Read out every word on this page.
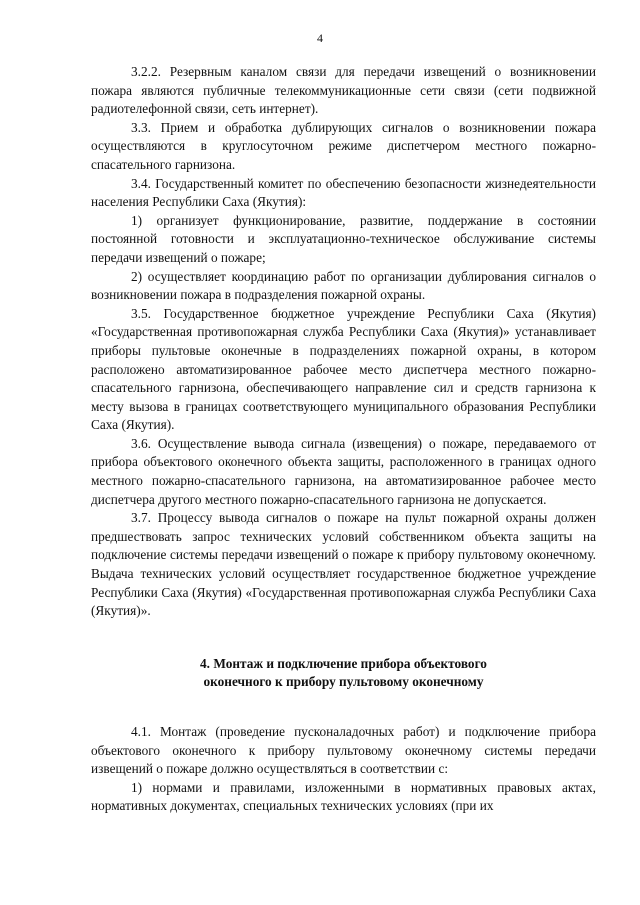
4

3.2.2. Резервным каналом связи для передачи извещений о возникновении пожара являются публичные телекоммуникационные сети связи (сети подвижной радиотелефонной связи, сеть интернет).

3.3. Прием и обработка дублирующих сигналов о возникновении пожара осуществляются в круглосуточном режиме диспетчером местного пожарно-спасательного гарнизона.

3.4. Государственный комитет по обеспечению безопасности жизнедеятельности населения Республики Саха (Якутия):

1) организует функционирование, развитие, поддержание в состоянии постоянной готовности и эксплуатационно-техническое обслуживание системы передачи извещений о пожаре;

2) осуществляет координацию работ по организации дублирования сигналов о возникновении пожара в подразделения пожарной охраны.

3.5. Государственное бюджетное учреждение Республики Саха (Якутия) «Государственная противопожарная служба Республики Саха (Якутия)» устанавливает приборы пультовые оконечные в подразделениях пожарной охраны, в котором расположено автоматизированное рабочее место диспетчера местного пожарно-спасательного гарнизона, обеспечивающего направление сил и средств гарнизона к месту вызова в границах соответствующего муниципального образования Республики Саха (Якутия).

3.6. Осуществление вывода сигнала (извещения) о пожаре, передаваемого от прибора объектового оконечного объекта защиты, расположенного в границах одного местного пожарно-спасательного гарнизона, на автоматизированное рабочее место диспетчера другого местного пожарно-спасательного гарнизона не допускается.

3.7. Процессу вывода сигналов о пожаре на пульт пожарной охраны должен предшествовать запрос технических условий собственником объекта защиты на подключение системы передачи извещений о пожаре к прибору пультовому оконечному. Выдача технических условий осуществляет государственное бюджетное учреждение Республики Саха (Якутия) «Государственная противопожарная служба Республики Саха (Якутия)».

4. Монтаж и подключение прибора объектового
оконечного к прибору пультовому оконечному

4.1. Монтаж (проведение пусконаладочных работ) и подключение прибора объектового оконечного к прибору пультовому оконечному системы передачи извещений о пожаре должно осуществляться в соответствии с:

1) нормами и правилами, изложенными в нормативных правовых актах, нормативных документах, специальных технических условиях (при их
